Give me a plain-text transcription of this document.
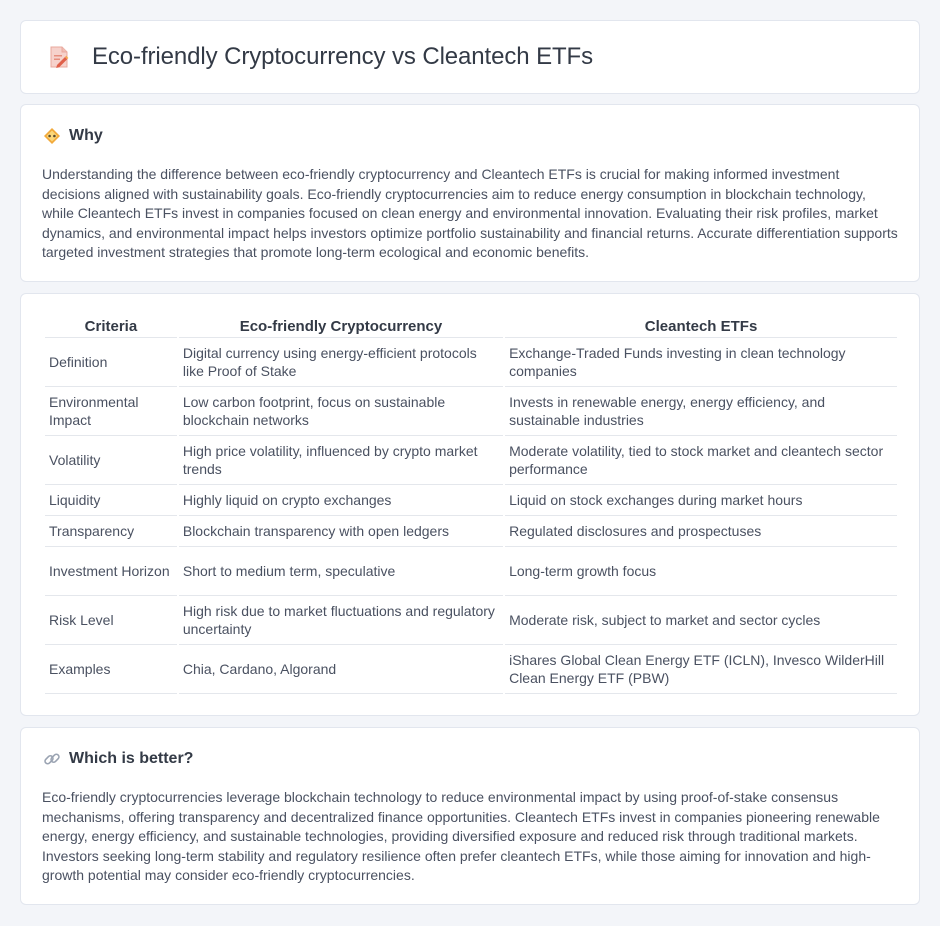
Eco-friendly Cryptocurrency vs Cleantech ETFs
Why

Understanding the difference between eco-friendly cryptocurrency and Cleantech ETFs is crucial for making informed investment decisions aligned with sustainability goals. Eco-friendly cryptocurrencies aim to reduce energy consumption in blockchain technology, while Cleantech ETFs invest in companies focused on clean energy and environmental innovation. Evaluating their risk profiles, market dynamics, and environmental impact helps investors optimize portfolio sustainability and financial returns. Accurate differentiation supports targeted investment strategies that promote long-term ecological and economic benefits.

Criteria	Eco-friendly Cryptocurrency	Cleantech ETFs
Definition	Digital currency using energy-efficient protocols like Proof of Stake	Exchange-Traded Funds investing in clean technology companies
Environmental Impact	Low carbon footprint, focus on sustainable blockchain networks	Invests in renewable energy, energy efficiency, and sustainable industries
Volatility	High price volatility, influenced by crypto market trends	Moderate volatility, tied to stock market and cleantech sector performance
Liquidity	Highly liquid on crypto exchanges	Liquid on stock exchanges during market hours
Transparency	Blockchain transparency with open ledgers	Regulated disclosures and prospectuses
Investment Horizon	Short to medium term, speculative	Long-term growth focus
Risk Level	High risk due to market fluctuations and regulatory uncertainty	Moderate risk, subject to market and sector cycles
Examples	Chia, Cardano, Algorand	iShares Global Clean Energy ETF (ICLN), Invesco WilderHill Clean Energy ETF (PBW)
Which is better?

Eco-friendly cryptocurrencies leverage blockchain technology to reduce environmental impact by using proof-of-stake consensus mechanisms, offering transparency and decentralized finance opportunities. Cleantech ETFs invest in companies pioneering renewable energy, energy efficiency, and sustainable technologies, providing diversified exposure and reduced risk through traditional markets. Investors seeking long-term stability and regulatory resilience often prefer cleantech ETFs, while those aiming for innovation and high-growth potential may consider eco-friendly cryptocurrencies.
